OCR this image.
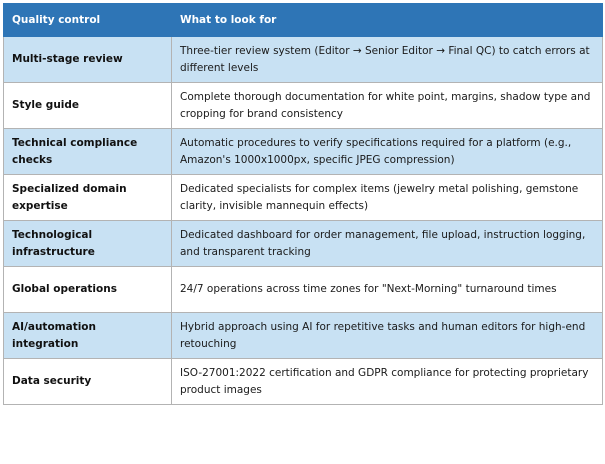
Quality control	What to look for
Multi-stage review	Three-tier review system (Editor → Senior Editor → Final QC) to catch errors at different levels
Style guide	Complete thorough documentation for white point, margins, shadow type and cropping for brand consistency
Technical compliance checks	Automatic procedures to verify specifications required for a platform (e.g., Amazon's 1000x1000px, specific JPEG compression)
Specialized domain expertise	Dedicated specialists for complex items (jewelry metal polishing, gemstone clarity, invisible mannequin effects)
Technological infrastructure	Dedicated dashboard for order management, file upload, instruction logging, and transparent tracking
Global operations	24/7 operations across time zones for "Next-Morning" turnaround times
AI/automation integration	Hybrid approach using AI for repetitive tasks and human editors for high-end retouching
Data security	ISO-27001:2022 certification and GDPR compliance for protecting proprietary product images
